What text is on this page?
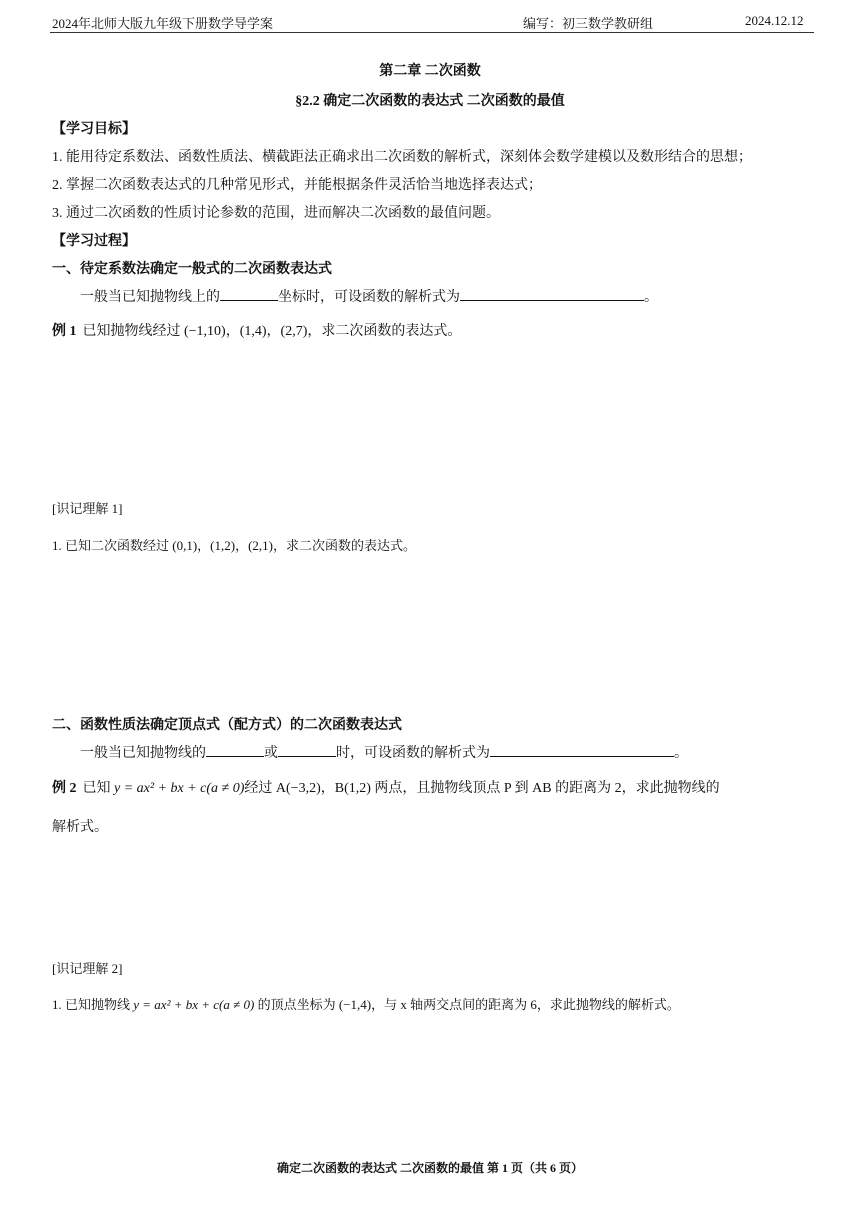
2024年北师大版九年级下册数学导学案	编写：初三数学教研组	2024.12.12
第二章 二次函数
§2.2 确定二次函数的表达式 二次函数的最值
【学习目标】
1. 能用待定系数法、函数性质法、横截距法正确求出二次函数的解析式，深刻体会数学建模以及数形结合的思想；
2. 掌握二次函数表达式的几种常见形式，并能根据条件灵活恰当地选择表达式；
3. 通过二次函数的性质讨论参数的范围，进而解决二次函数的最值问题。
【学习过程】
一、待定系数法确定一般式的二次函数表达式
一般当已知抛物线上的	坐标时，可设函数的解析式为	。
例 1 已知抛物线经过 (−1,10)，(1,4)，(2,7)，求二次函数的表达式。
[识记理解 1]
1. 已知二次函数经过 (0,1)，(1,2)，(2,1)，求二次函数的表达式。
二、函数性质法确定顶点式（配方式）的二次函数表达式
一般当已知抛物线的	或	时，可设函数的解析式为	。
例 2 已知 y = ax² + bx + c(a ≠ 0)经过 A(−3,2)，B(1,2) 两点，且抛物线顶点 P 到 AB 的距离为 2，求此抛物线的
解析式。
[识记理解 2]
1. 已知抛物线 y = ax² + bx + c(a ≠ 0) 的顶点坐标为 (−1,4)，与 x 轴两交点间的距离为 6，求此抛物线的解析式。
确定二次函数的表达式 二次函数的最值 第 1 页（共 6 页）
